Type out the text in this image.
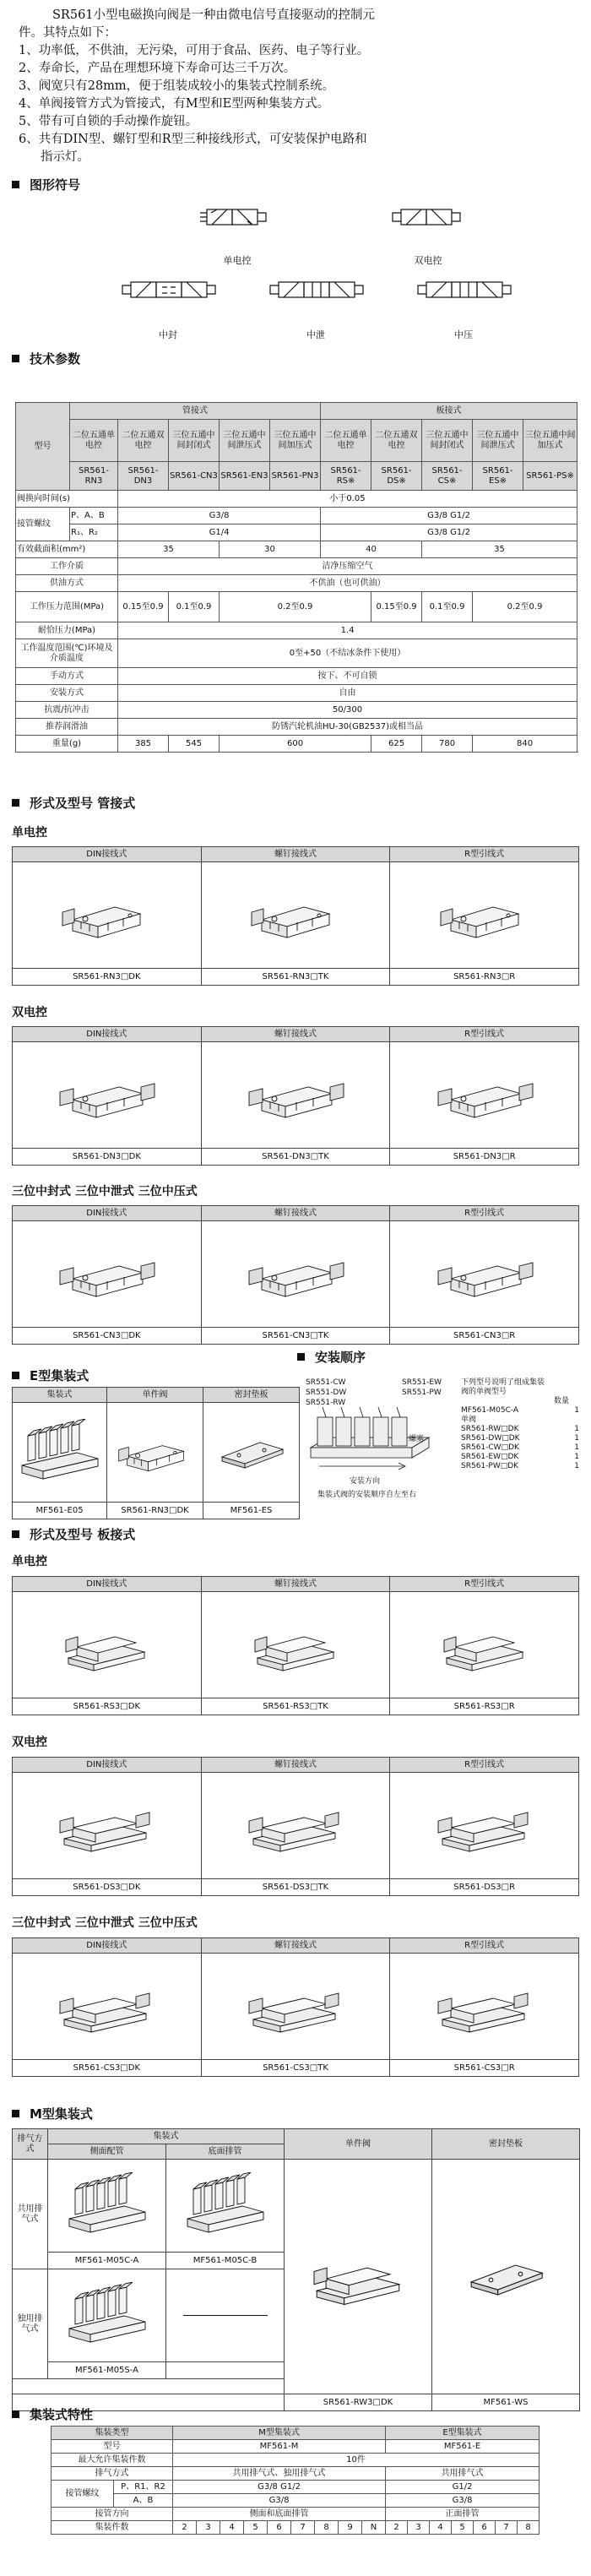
SR561小型电磁换向阀是一种由微电信号直接驱动的控制元

件。其特点如下：

1、功率低，不供油，无污染，可用于食品、医药、电子等行业。

2、寿命长，产品在理想环境下寿命可达三千万次。

3、阀宽只有28mm，便于组装成较小的集装式控制系统。

4、单阀接管方式为管接式，有M型和E型两种集装方式。

5、带有可自锁的手动操作旋钮。

6、共有DIN型、螺钉型和R型三种接线形式，可安装保护电路和

指示灯。

图形符号
单电控	双电控
中封	中泄	中压
技术参数
型号	管接式					板接式				
	二位五通单电控	二位五通双电控	三位五通中间封闭式	三位五通中间泄压式	三位五通中间加压式	二位五通单电控	二位五通双电控	三位五通中间封闭式	三位五通中间泄压式	三位五通中间加压式
	SR561-RN3	SR561-DN3	SR561-CN3	SR561-EN3	SR561-PN3	SR561-RS※	SR561-DS※	SR561-CS※	SR561-ES※	SR561-PS※
阀换向时间(s)		小于0.05								
接管螺纹	P、A、B	G3/8				G3/8 G1/2				
	R₁、R₂	G1/4				G3/8 G1/2				
有效截面积(mm²)		35		30		40		35		
工作介质		洁净压缩空气								
供油方式		不供油（也可供油）								
工作压力范围(MPa)		0.15至0.9	0.1至0.9	0.2至0.9			0.15至0.9	0.1至0.9	0.2至0.9	
耐恰压力(MPa)		1.4								
工作温度范围(℃)环境及介质温度		0至+50（不结冰条件下使用）								
手动方式		按下、不可自锁								
安装方式		自由								
抗震/抗冲击		50/300								
推荐润滑油		防锈汽轮机油HU-30(GB2537)或相当品								
重量(g)		385	545	600			625	780	840	
形式及型号 管接式
单电控
DIN接线式	螺钉接线式	R型引线式

SR561-RN3□DK	SR561-RN3□TK	SR561-RN3□R
双电控
DIN接线式	螺钉接线式	R型引线式

SR561-DN3□DK	SR561-DN3□TK	SR561-DN3□R
三位中封式 三位中泄式 三位中压式
DIN接线式	螺钉接线式	R型引线式

SR561-CN3□DK	SR561-CN3□TK	SR561-CN3□R
E型集装式
安装顺序
集装式	单件阀	密封垫板

MF561-E05	SR561-RN3□DK	MF561-ES
SR551-CW
SR551-DW
SR551-RW
SR551-EW
SR551-PW
螺塞
安装方向
集装式阀的安装顺序自左至右
下列型号说明了组成集装
阀的单阀型号
数量
MF561-M05C-A	1
单阀
SR561-RW□DK	1
SR561-DW□DK	1
SR561-CW□DK	1
SR561-EW□DK	1
SR561-PW□DK	1
形式及型号 板接式
单电控
DIN接线式	螺钉接线式	R型引线式

SR561-RS3□DK	SR561-RS3□TK	SR561-RS3□R
双电控
DIN接线式	螺钉接线式	R型引线式

SR561-DS3□DK	SR561-DS3□TK	SR561-DS3□R
三位中封式 三位中泄式 三位中压式
DIN接线式	螺钉接线式	R型引线式

SR561-CS3□DK	SR561-CS3□TK	SR561-CS3□R
M型集装式
排气方式	集装式		单件阀	密封垫板
	侧面配管	底面排管		
共用排气式	

	MF561-M05C-A	MF561-M05C-B		
独用排气式	

	MF561-M05S-A			

			SR561-RW3□DK	MF561-WS
集装式特性
集装类型		M型集装式									E型集装式						
型号		MF561-M									MF561-E						
最大允许集装件数		10件															
排气方式		共用排气式、独用排气式									共用排气式						
接管螺纹	P、R1、R2	G3/8 G1/2									G1/2						
	A、B	G3/8									G3/8						
接管方向		侧面和底面排管									正面排管						
集装件数		2	3	4	5	6	7	8	9	N	2	3	4	5	6	7	8
